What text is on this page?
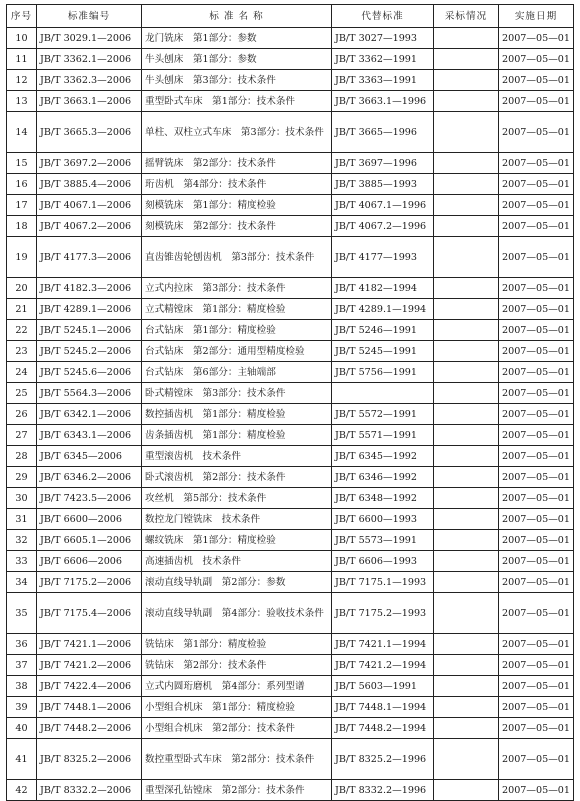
序号	标准编号	标 准 名 称	代替标准	采标情况	实施日期
10	JB/T 3029.1—2006	龙门铣床　第1部分：参数	JB/T 3027—1993		2007—05—01
11	JB/T 3362.1—2006	牛头刨床　第1部分：参数	JB/T 3362—1991		2007—05—01
12	JB/T 3362.3—2006	牛头刨床　第3部分：技术条件	JB/T 3363—1991		2007—05—01
13	JB/T 3663.1—2006	重型卧式车床　第1部分：技术条件	JB/T 3663.1—1996		2007—05—01
14	JB/T 3665.3—2006	单柱、双柱立式车床　第3部分：技术条件	JB/T 3665—1996		2007—05—01
15	JB/T 3697.2—2006	摇臂铣床　第2部分：技术条件	JB/T 3697—1996		2007—05—01
16	JB/T 3885.4—2006	珩齿机　第4部分：技术条件	JB/T 3885—1993		2007—05—01
17	JB/T 4067.1—2006	刻模铣床　第1部分：精度检验	JB/T 4067.1—1996		2007—05—01
18	JB/T 4067.2—2006	刻模铣床　第2部分：技术条件	JB/T 4067.2—1996		2007—05—01
19	JB/T 4177.3—2006	直齿锥齿轮刨齿机　第3部分：技术条件	JB/T 4177—1993		2007—05—01
20	JB/T 4182.3—2006	立式内拉床　第3部分：技术条件	JB/T 4182—1994		2007—05—01
21	JB/T 4289.1—2006	立式精镗床　第1部分：精度检验	JB/T 4289.1—1994		2007—05—01
22	JB/T 5245.1—2006	台式钻床　第1部分：精度检验	JB/T 5246—1991		2007—05—01
23	JB/T 5245.2—2006	台式钻床　第2部分：通用型精度检验	JB/T 5245—1991		2007—05—01
24	JB/T 5245.6—2006	台式钻床　第6部分：主轴端部	JB/T 5756—1991		2007—05—01
25	JB/T 5564.3—2006	卧式精镗床　第3部分：技术条件			2007—05—01
26	JB/T 6342.1—2006	数控插齿机　第1部分：精度检验	JB/T 5572—1991		2007—05—01
27	JB/T 6343.1—2006	齿条插齿机　第1部分：精度检验	JB/T 5571—1991		2007—05—01
28	JB/T 6345—2006	重型滚齿机　技术条件	JB/T 6345—1992		2007—05—01
29	JB/T 6346.2—2006	卧式滚齿机　第2部分：技术条件	JB/T 6346—1992		2007—05—01
30	JB/T 7423.5—2006	攻丝机　第5部分：技术条件	JB/T 6348—1992		2007—05—01
31	JB/T 6600—2006	数控龙门镗铣床　技术条件	JB/T 6600—1993		2007—05—01
32	JB/T 6605.1—2006	螺纹铣床　第1部分：精度检验	JB/T 5573—1991		2007—05—01
33	JB/T 6606—2006	高速插齿机　技术条件	JB/T 6606—1993		2007—05—01
34	JB/T 7175.2—2006	滚动直线导轨副　第2部分：参数	JB/T 7175.1—1993		2007—05—01
35	JB/T 7175.4—2006	滚动直线导轨副　第4部分：验收技术条件	JB/T 7175.2—1993		2007—05—01
36	JB/T 7421.1—2006	铣钻床　第1部分：精度检验	JB/T 7421.1—1994		2007—05—01
37	JB/T 7421.2—2006	铣钻床　第2部分：技术条件	JB/T 7421.2—1994		2007—05—01
38	JB/T 7422.4—2006	立式内圆珩磨机　第4部分：系列型谱	JB/T 5603—1991		2007—05—01
39	JB/T 7448.1—2006	小型组合机床　第1部分：精度检验	JB/T 7448.1—1994		2007—05—01
40	JB/T 7448.2—2006	小型组合机床　第2部分：技术条件	JB/T 7448.2—1994		2007—05—01
41	JB/T 8325.2—2006	数控重型卧式车床　第2部分：技术条件	JB/T 8325.2—1996		2007—05—01
42	JB/T 8332.2—2006	重型深孔钻镗床　第2部分：技术条件	JB/T 8332.2—1996		2007—05—01
